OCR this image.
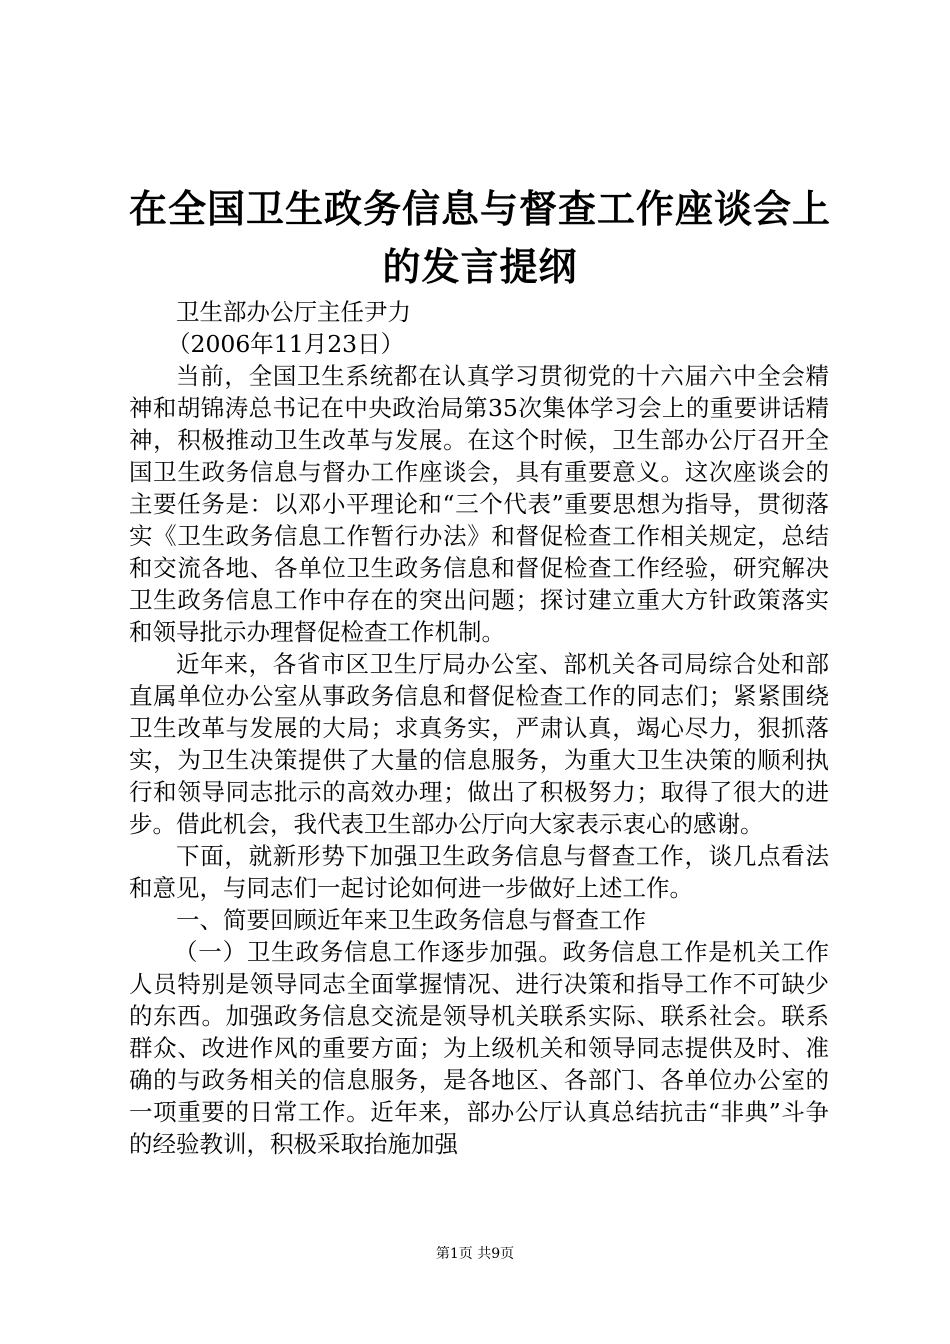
在全国卫生政务信息与督查工作座谈会上的发言提纲

卫生部办公厅主任尹力

（2006年11月23日）

当前，全国卫生系统都在认真学习贯彻党的十六届六中全会精神和胡锦涛总书记在中央政治局第35次集体学习会上的重要讲话精神，积极推动卫生改革与发展。在这个时候，卫生部办公厅召开全国卫生政务信息与督办工作座谈会，具有重要意义。这次座谈会的主要任务是：以邓小平理论和“三个代表”重要思想为指导，贯彻落实《卫生政务信息工作暂行办法》和督促检查工作相关规定，总结和交流各地、各单位卫生政务信息和督促检查工作经验，研究解决卫生政务信息工作中存在的突出问题；探讨建立重大方针政策落实和领导批示办理督促检查工作机制。

近年来，各省市区卫生厅局办公室、部机关各司局综合处和部直属单位办公室从事政务信息和督促检查工作的同志们；紧紧围绕卫生改革与发展的大局；求真务实，严肃认真，竭心尽力，狠抓落实，为卫生决策提供了大量的信息服务，为重大卫生决策的顺利执行和领导同志批示的高效办理；做出了积极努力；取得了很大的进步。借此机会，我代表卫生部办公厅向大家表示衷心的感谢。

下面，就新形势下加强卫生政务信息与督查工作，谈几点看法和意见，与同志们一起讨论如何进一步做好上述工作。

一、简要回顾近年来卫生政务信息与督查工作

（一）卫生政务信息工作逐步加强。政务信息工作是机关工作人员特别是领导同志全面掌握情况、进行决策和指导工作不可缺少的东西。加强政务信息交流是领导机关联系实际、联系社会。联系群众、改进作风的重要方面；为上级机关和领导同志提供及时、准确的与政务相关的信息服务，是各地区、各部门、各单位办公室的一项重要的日常工作。近年来，部办公厅认真总结抗击“非典”斗争的经验教训，积极采取抬施加强

第1页 共9页
